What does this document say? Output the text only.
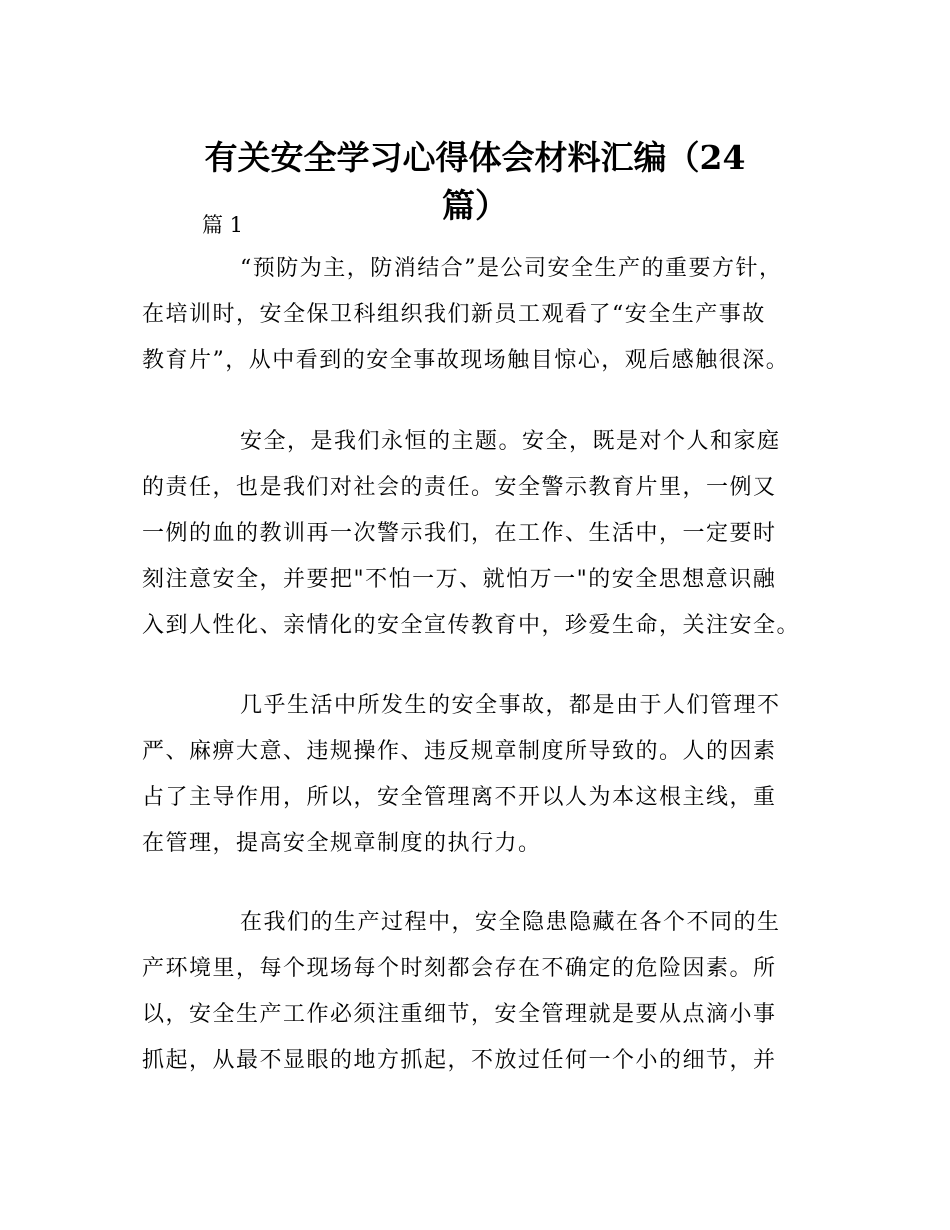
有关安全学习心得体会材料汇编（24
篇）
篇 1
“预防为主，防消结合”是公司安全生产的重要方针，
在培训时，安全保卫科组织我们新员工观看了“安全生产事故
教育片”，从中看到的安全事故现场触目惊心，观后感触很深。
安全，是我们永恒的主题。安全，既是对个人和家庭
的责任，也是我们对社会的责任。安全警示教育片里，一例又
一例的血的教训再一次警示我们，在工作、生活中，一定要时
刻注意安全，并要把"不怕一万、就怕万一"的安全思想意识融
入到人性化、亲情化的安全宣传教育中，珍爱生命，关注安全。
几乎生活中所发生的安全事故，都是由于人们管理不
严、麻痹大意、违规操作、违反规章制度所导致的。人的因素
占了主导作用，所以，安全管理离不开以人为本这根主线，重
在管理，提高安全规章制度的执行力。
在我们的生产过程中，安全隐患隐藏在各个不同的生
产环境里，每个现场每个时刻都会存在不确定的危险因素。所
以，安全生产工作必须注重细节，安全管理就是要从点滴小事
抓起，从最不显眼的地方抓起，不放过任何一个小的细节，并
